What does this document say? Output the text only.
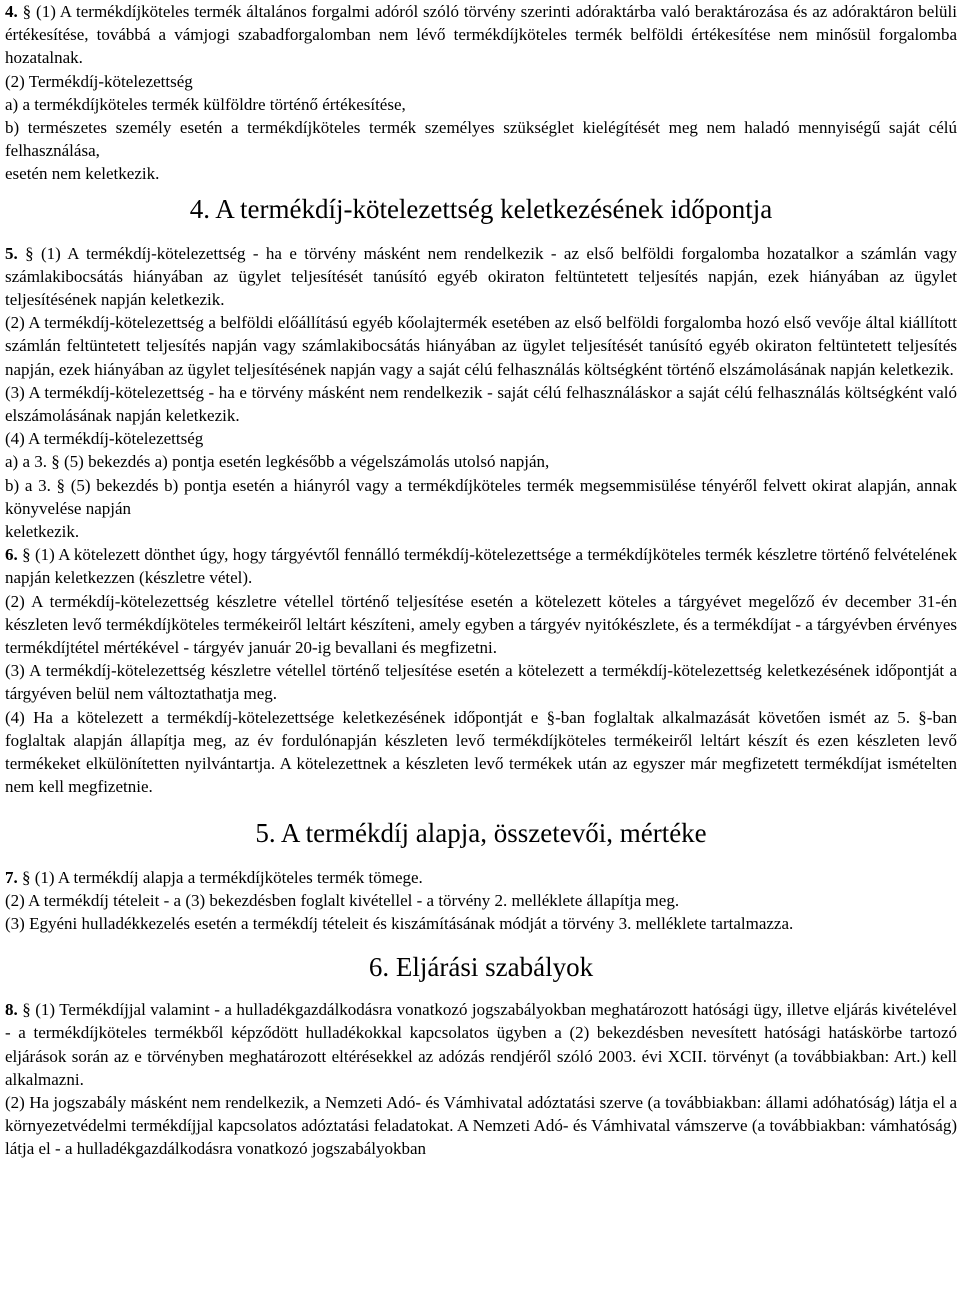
4. § (1) A termékdíjköteles termék általános forgalmi adóról szóló törvény szerinti adóraktárba való beraktározása és az adóraktáron belüli értékesítése, továbbá a vámjogi szabadforgalomban nem lévő termékdíjköteles termék belföldi értékesítése nem minősül forgalomba hozatalnak.

(2) Termékdíj-kötelezettség

a) a termékdíjköteles termék külföldre történő értékesítése,

b) természetes személy esetén a termékdíjköteles termék személyes szükséglet kielégítését meg nem haladó mennyiségű saját célú felhasználása,

esetén nem keletkezik.

4. A termékdíj-kötelezettség keletkezésének időpontja

5. § (1) A termékdíj-kötelezettség - ha e törvény másként nem rendelkezik - az első belföldi forgalomba hozatalkor a számlán vagy számlakibocsátás hiányában az ügylet teljesítését tanúsító egyéb okiraton feltüntetett teljesítés napján, ezek hiányában az ügylet teljesítésének napján keletkezik.

(2) A termékdíj-kötelezettség a belföldi előállítású egyéb kőolajtermék esetében az első belföldi forgalomba hozó első vevője által kiállított számlán feltüntetett teljesítés napján vagy számlakibocsátás hiányában az ügylet teljesítését tanúsító egyéb okiraton feltüntetett teljesítés napján, ezek hiányában az ügylet teljesítésének napján vagy a saját célú felhasználás költségként történő elszámolásának napján keletkezik.

(3) A termékdíj-kötelezettség - ha e törvény másként nem rendelkezik - saját célú felhasználáskor a saját célú felhasználás költségként való elszámolásának napján keletkezik.

(4) A termékdíj-kötelezettség

a) a 3. § (5) bekezdés a) pontja esetén legkésőbb a végelszámolás utolsó napján,

b) a 3. § (5) bekezdés b) pontja esetén a hiányról vagy a termékdíjköteles termék megsemmisülése tényéről felvett okirat alapján, annak könyvelése napján

keletkezik.

6. § (1) A kötelezett dönthet úgy, hogy tárgyévtől fennálló termékdíj-kötelezettsége a termékdíjköteles termék készletre történő felvételének napján keletkezzen (készletre vétel).

(2) A termékdíj-kötelezettség készletre vétellel történő teljesítése esetén a kötelezett köteles a tárgyévet megelőző év december 31-én készleten levő termékdíjköteles termékeiről leltárt készíteni, amely egyben a tárgyév nyitókészlete, és a termékdíjat - a tárgyévben érvényes termékdíjtétel mértékével - tárgyév január 20-ig bevallani és megfizetni.

(3) A termékdíj-kötelezettség készletre vétellel történő teljesítése esetén a kötelezett a termékdíj-kötelezettség keletkezésének időpontját a tárgyéven belül nem változtathatja meg.

(4) Ha a kötelezett a termékdíj-kötelezettsége keletkezésének időpontját e §-ban foglaltak alkalmazását követően ismét az 5. §-ban foglaltak alapján állapítja meg, az év fordulónapján készleten levő termékdíjköteles termékeiről leltárt készít és ezen készleten levő termékeket elkülönítetten nyilvántartja. A kötelezettnek a készleten levő termékek után az egyszer már megfizetett termékdíjat ismételten nem kell megfizetnie.

5. A termékdíj alapja, összetevői, mértéke

7. § (1) A termékdíj alapja a termékdíjköteles termék tömege.

(2) A termékdíj tételeit - a (3) bekezdésben foglalt kivétellel - a törvény 2. melléklete állapítja meg.

(3) Egyéni hulladékkezelés esetén a termékdíj tételeit és kiszámításának módját a törvény 3. melléklete tartalmazza.

6. Eljárási szabályok

8. § (1) Termékdíjjal valamint - a hulladékgazdálkodásra vonatkozó jogszabályokban meghatározott hatósági ügy, illetve eljárás kivételével - a termékdíjköteles termékből képződött hulladékokkal kapcsolatos ügyben a (2) bekezdésben nevesített hatósági hatáskörbe tartozó eljárások során az e törvényben meghatározott eltérésekkel az adózás rendjéről szóló 2003. évi XCII. törvényt (a továbbiakban: Art.) kell alkalmazni.

(2) Ha jogszabály másként nem rendelkezik, a Nemzeti Adó- és Vámhivatal adóztatási szerve (a továbbiakban: állami adóhatóság) látja el a környezetvédelmi termékdíjjal kapcsolatos adóztatási feladatokat. A Nemzeti Adó- és Vámhivatal vámszerve (a továbbiakban: vámhatóság) látja el - a hulladékgazdálkodásra vonatkozó jogszabályokban
